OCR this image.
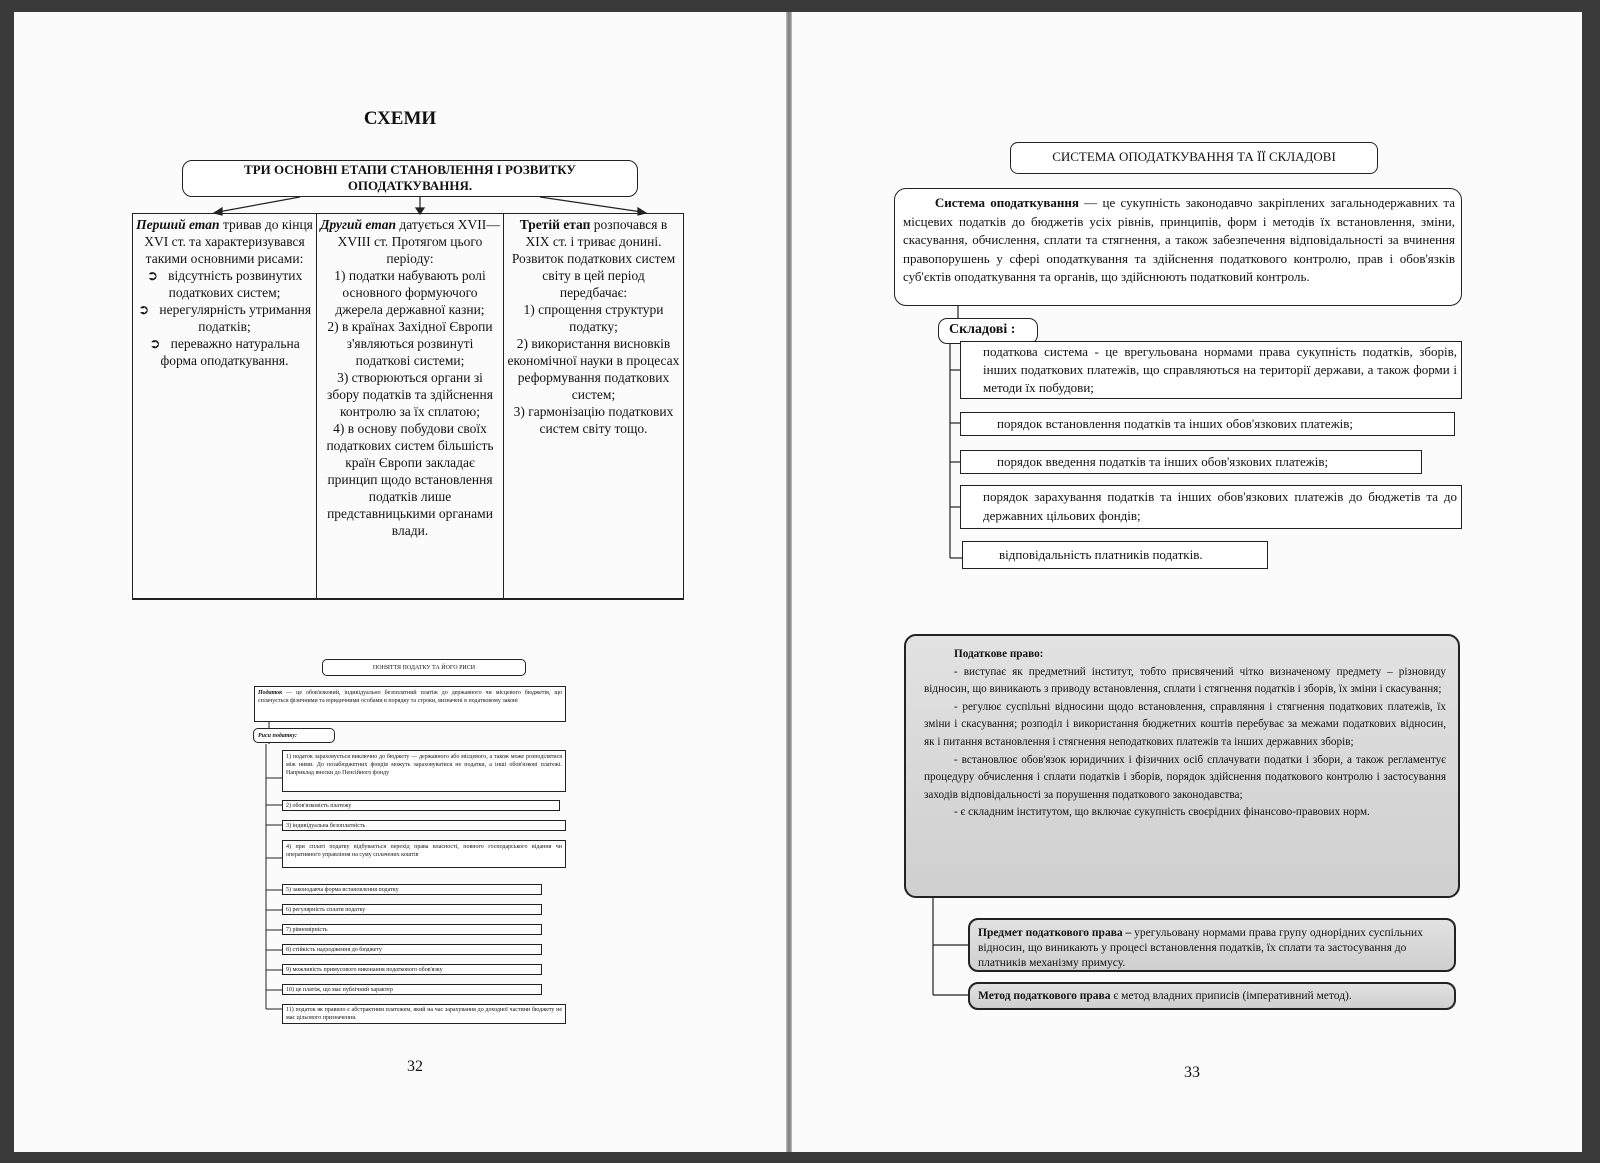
СХЕМИ
ТРИ ОСНОВНІ ЕТАПИ СТАНОВЛЕННЯ І РОЗВИТКУ ОПОДАТКУВАННЯ.

Перший етап тривав до кінця XVI ст. та характеризувався такими основними рисами:

➲ відсутність розвинутих податкових систем;

➲ нерегулярність утримання податків;

➲ переважно натуральна форма оподаткування.

Другий етап датується XVII—XVIII ст. Протягом цього періоду:

1) податки набувають ролі основного формуючого джерела державної казни;

2) в країнах Західної Європи з'являються розвинуті податкові системи;

3) створюються органи зі збору податків та здійснення контролю за їх сплатою;

4) в основу побудови своїх податкових систем більшість країн Європи закладає принцип щодо встановлення податків лише представницькими органами влади.

Третій етап розпочався в XIX ст. і триває донині. Розвиток податкових систем світу в цей період передбачає:

1) спрощення структури податку;

2) використання висновків економічної науки в процесах реформування податкових систем;

3) гармонізацію податкових систем світу тощо.

ПОНЯТТЯ ПОДАТКУ ТА ЙОГО РИСИ
Податок — це обов'язковий, індивідуально безоплатний платіж до державного чи місцевого бюджетів, що сплачується фізичними та юридичними особами в порядку та строки, визначені в податковому законі
Риси податку:
1) податок зараховується виключно до бюджету — державного або місцевого, а також може розподілятися між ними. До позабюджетних фондів можуть зараховуватися не податки, а інші обов'язкові платежі. Наприклад внески до Пенсійного фонду
2) обов'язковість платежу
3) індивідуальна безоплатність
4) при сплаті податку відбувається перехід права власності, повного господарського відання чи оперативного управління на суму сплачених коштів
5) законодавча форма встановлення податку
6) регулярність сплати податку
7) рівномірність
8) стійкість надходження до бюджету
9) можливість примусового виконання податкового обов'язку
10) це платіж, що має публічний характер
11) податок як правило є абстрактним платежем, який на час зарахування до доходної частини бюджету не має цільового призначення.
32
СИСТЕМА ОПОДАТКУВАННЯ ТА ЇЇ СКЛАДОВІ
Система оподаткування — це сукупність законодавчо закріплених загальнодержавних та місцевих податків до бюджетів усіх рівнів, принципів, форм і методів їх встановлення, зміни, скасування, обчислення, сплати та стягнення, а також забезпечення відповідальності за вчинення правопорушень у сфері оподаткування та здійснення податкового контролю, прав і обов'язків суб'єктів оподаткування та органів, що здійснюють податковий контроль.
Складові :
податкова система - це врегульована нормами права сукупність податків, зборів, інших податкових платежів, що справляються на території держави, а також форми і методи їх побудови;
порядок встановлення податків та інших обов'язкових платежів;
порядок введення податків та інших обов'язкових платежів;
порядок зарахування податків та інших обов'язкових платежів до бюджетів та до державних цільових фондів;
відповідальність платників податків.

Податкове право:

- виступає як предметний інститут, тобто присвячений чітко визначеному предмету – різновиду відносин, що виникають з приводу встановлення, сплати і стягнення податків і зборів, їх зміни і скасування;

- регулює суспільні відносини щодо встановлення, справляння і стягнення податкових платежів, їх зміни і скасування; розподіл і використання бюджетних коштів перебуває за межами податкових відносин, як і питання встановлення і стягнення неподаткових платежів та інших державних зборів;

- встановлює обов'язок юридичних і фізичних осіб сплачувати податки і збори, а також регламентує процедуру обчислення і сплати податків і зборів, порядок здійснення податкового контролю і застосування заходів відповідальності за порушення податкового законодавства;

- є складним інститутом, що включає сукупність своєрідних фінансово-правових норм.

Предмет податкового права – урегульовану нормами права групу однорідних суспільних відносин, що виникають у процесі встановлення податків, їх сплати та застосування до платників механізму примусу.
Метод податкового права є метод владних приписів (імперативний метод).
33
